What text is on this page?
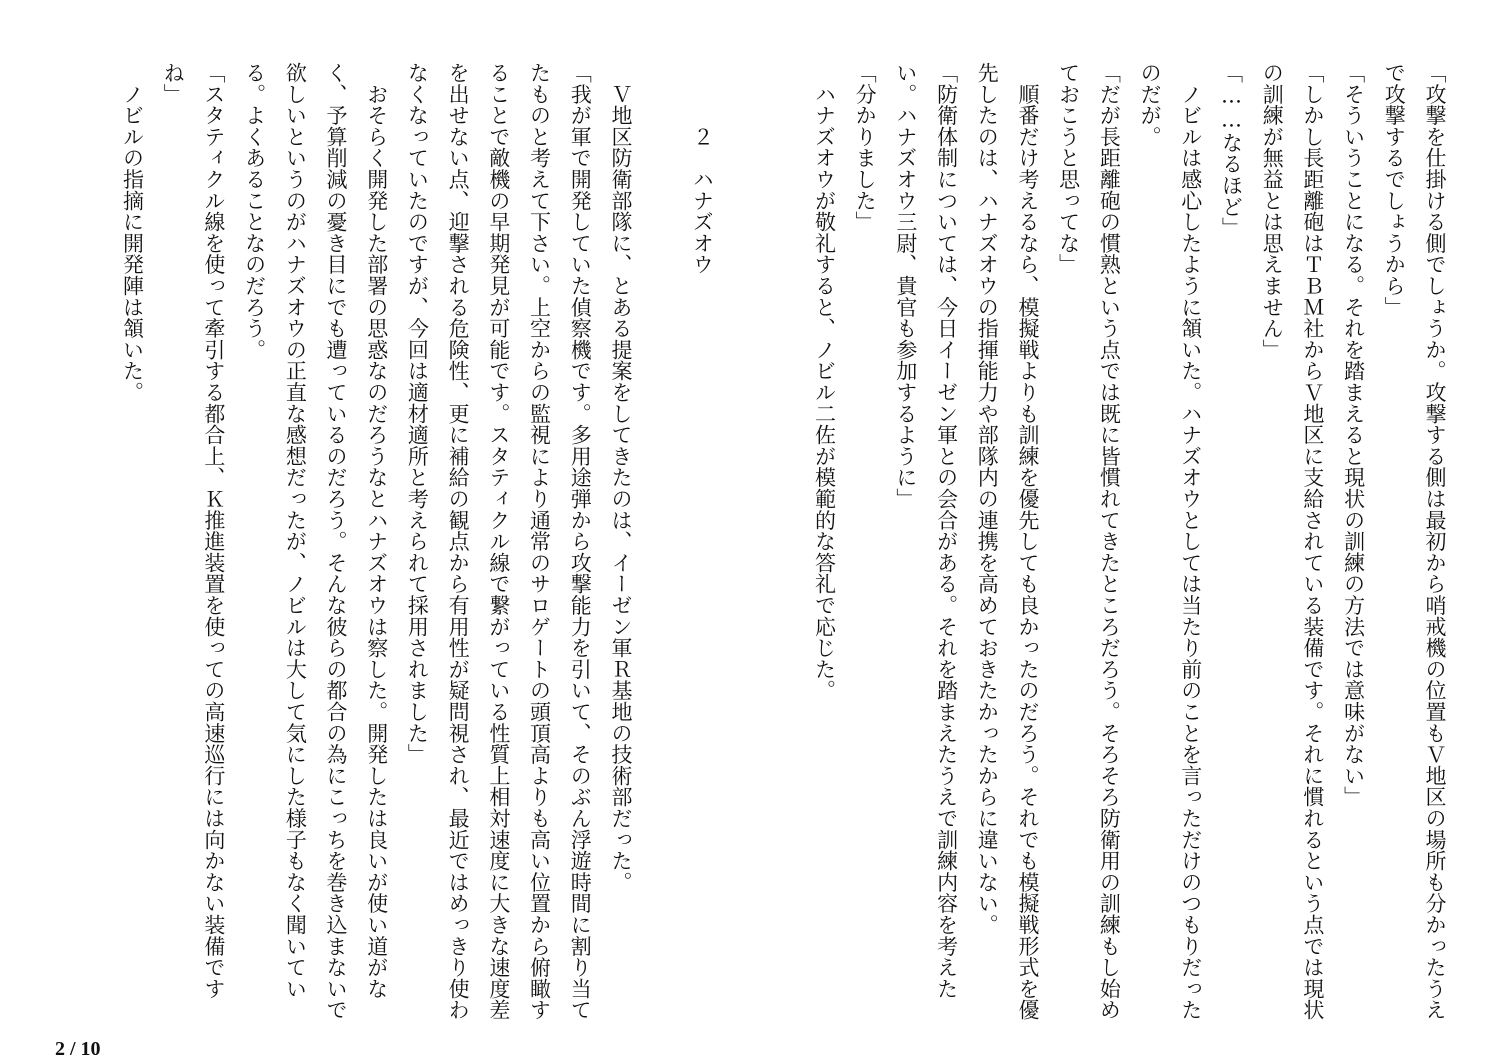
「攻撃を仕掛ける側でしょうか。攻撃する側は最初から哨戒機の位置もＶ地区の場所も分かったうえで攻撃するでしょうから」

「そういうことになる。それを踏まえると現状の訓練の方法では意味がない」

「しかし長距離砲はＴＢＭ社からＶ地区に支給されている装備です。それに慣れるという点では現状の訓練が無益とは思えません」

「……なるほど」

　ノビルは感心したように頷いた。ハナズオウとしては当たり前のことを言っただけのつもりだったのだが。

「だが長距離砲の慣熟という点では既に皆慣れてきたところだろう。そろそろ防衛用の訓練もし始めておこうと思ってな」

　順番だけ考えるなら、模擬戦よりも訓練を優先しても良かったのだろう。それでも模擬戦形式を優先したのは、ハナズオウの指揮能力や部隊内の連携を高めておきたかったからに違いない。

「防衛体制については、今日イーゼン軍との会合がある。それを踏まえたうえで訓練内容を考えたい。ハナズオウ三尉、貴官も参加するように」

「分かりました」

　ハナズオウが敬礼すると、ノビル二佐が模範的な答礼で応じた。

　　　２　ハナズオウ

　Ｖ地区防衛部隊に、とある提案をしてきたのは、イーゼン軍Ｒ基地の技術部だった。

「我が軍で開発していた偵察機です。多用途弾から攻撃能力を引いて、そのぶん浮遊時間に割り当てたものと考えて下さい。上空からの監視により通常のサロゲートの頭頂高よりも高い位置から俯瞰することで敵機の早期発見が可能です。スタティクル線で繋がっている性質上相対速度に大きな速度差を出せない点、迎撃される危険性、更に補給の観点から有用性が疑問視され、最近ではめっきり使わなくなっていたのですが、今回は適材適所と考えられて採用されました」

　おそらく開発した部署の思惑なのだろうなとハナズオウは察した。開発したは良いが使い道がなく、予算削減の憂き目にでも遭っているのだろう。そんな彼らの都合の為にこっちを巻き込まないで欲しいというのがハナズオウの正直な感想だったが、ノビルは大して気にした様子もなく聞いている。よくあることなのだろう。

「スタティクル線を使って牽引する都合上、Ｋ推進装置を使っての高速巡行には向かない装備ですね」

　ノビルの指摘に開発陣は頷いた。

2 / 10
